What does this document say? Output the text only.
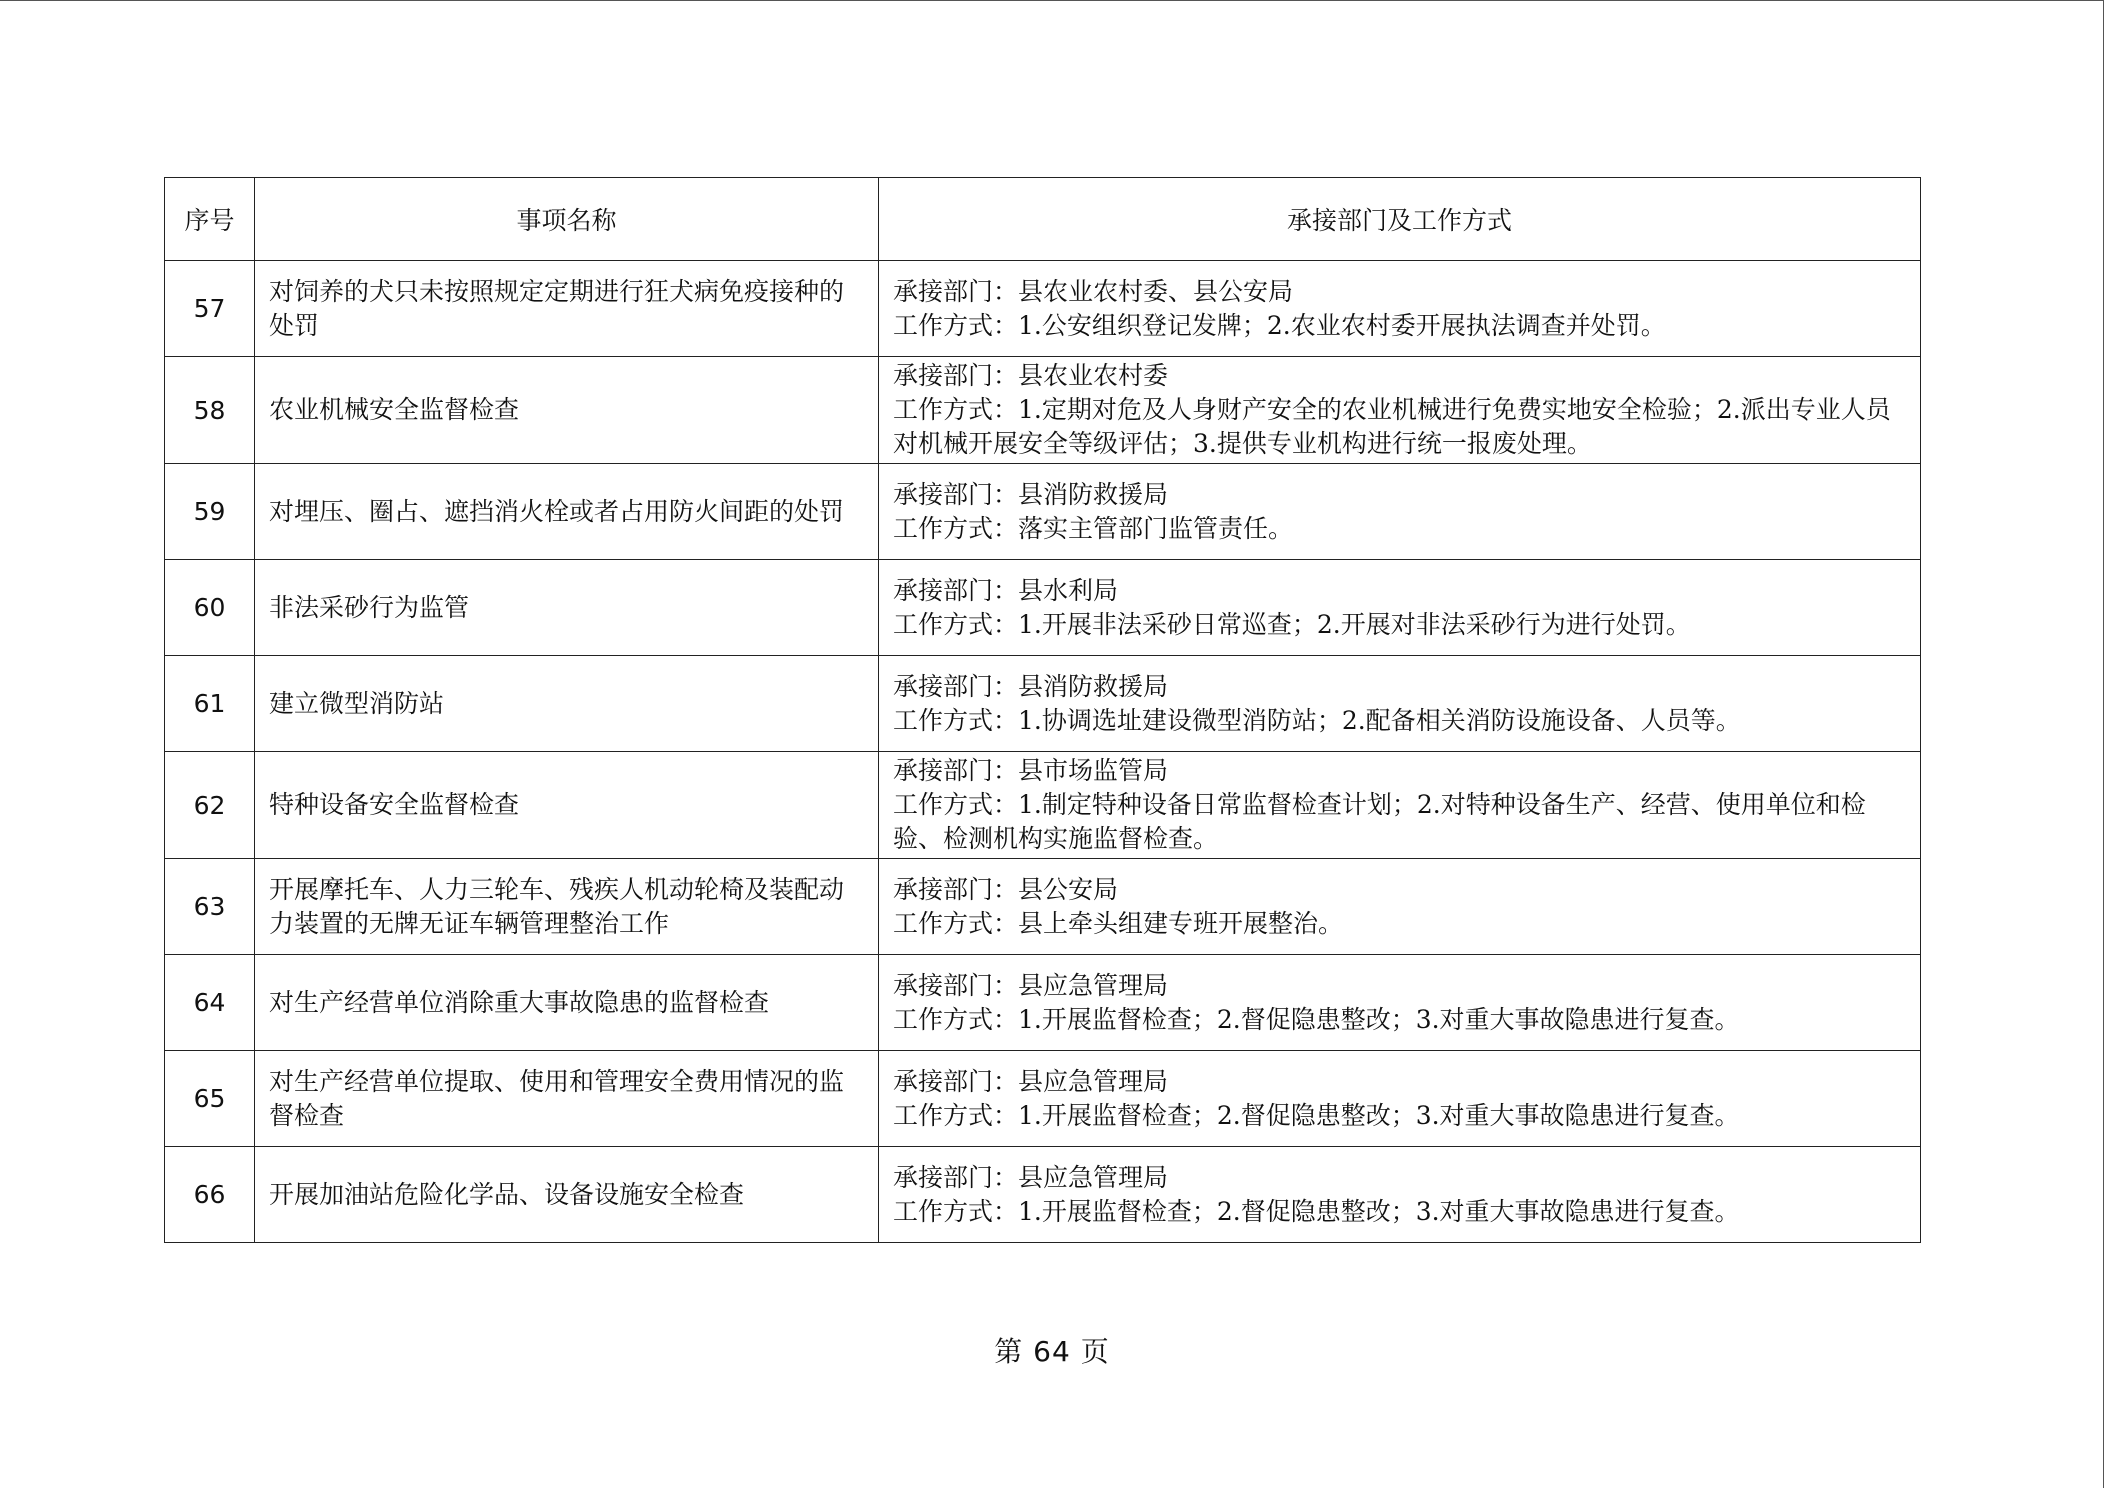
序号	事项名称	承接部门及工作方式
57	对饲养的犬只未按照规定定期进行狂犬病免疫接种的处罚	承接部门：县农业农村委、县公安局
工作方式：1.公安组织登记发牌；2.农业农村委开展执法调查并处罚。

58	农业机械安全监督检查	承接部门：县农业农村委
工作方式：1.定期对危及人身财产安全的农业机械进行免费实地安全检验；2.派出专业人员对机械开展安全等级评估；3.提供专业机构进行统一报废处理。

59	对埋压、圈占、遮挡消火栓或者占用防火间距的处罚	承接部门：县消防救援局
工作方式：落实主管部门监管责任。

60	非法采砂行为监管	承接部门：县水利局
工作方式：1.开展非法采砂日常巡查；2.开展对非法采砂行为进行处罚。

61	建立微型消防站	承接部门：县消防救援局
工作方式：1.协调选址建设微型消防站；2.配备相关消防设施设备、人员等。

62	特种设备安全监督检查	承接部门：县市场监管局
工作方式：1.制定特种设备日常监督检查计划；2.对特种设备生产、经营、使用单位和检验、检测机构实施监督检查。

63	开展摩托车、人力三轮车、残疾人机动轮椅及装配动力装置的无牌无证车辆管理整治工作	承接部门：县公安局
工作方式：县上牵头组建专班开展整治。

64	对生产经营单位消除重大事故隐患的监督检查	承接部门：县应急管理局
工作方式：1.开展监督检查；2.督促隐患整改；3.对重大事故隐患进行复查。

65	对生产经营单位提取、使用和管理安全费用情况的监督检查	承接部门：县应急管理局
工作方式：1.开展监督检查；2.督促隐患整改；3.对重大事故隐患进行复查。

66	开展加油站危险化学品、设备设施安全检查	承接部门：县应急管理局
工作方式：1.开展监督检查；2.督促隐患整改；3.对重大事故隐患进行复查。
第 64 页
